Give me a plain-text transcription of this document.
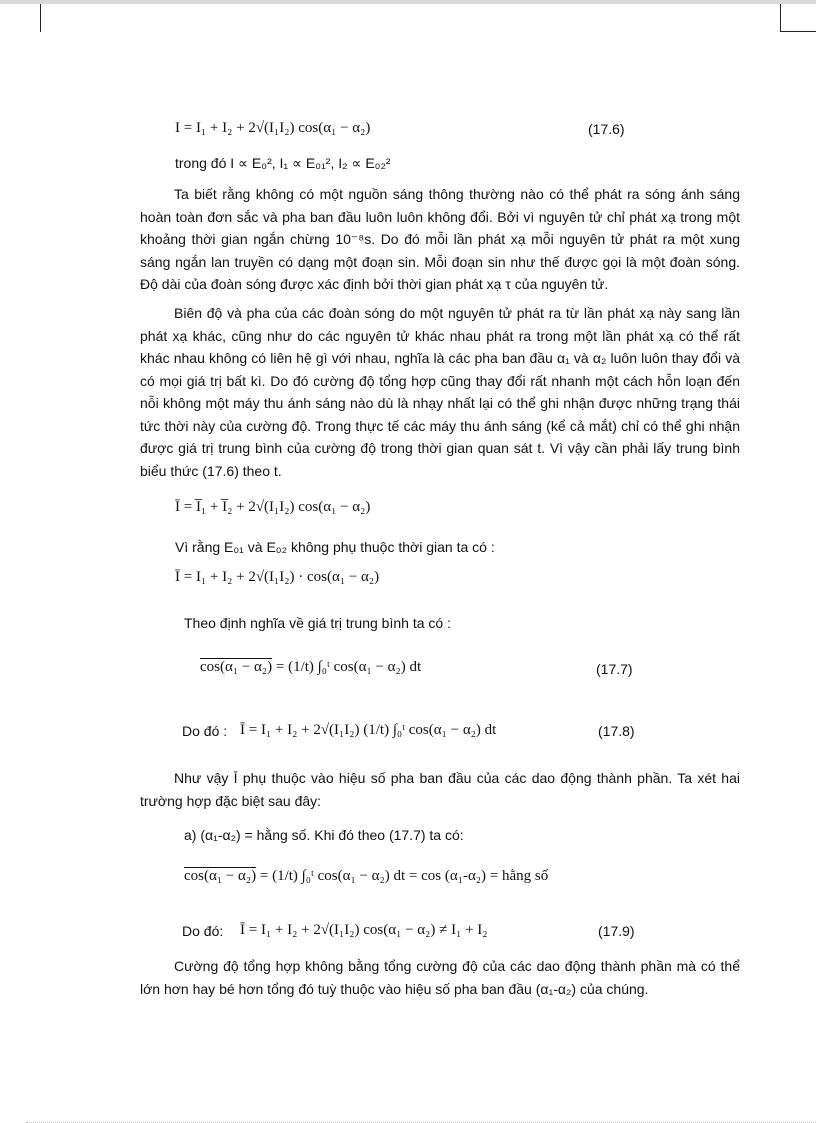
I = I₁ + I₂ + 2√(I₁I₂) cos(α₁ − α₂)	(17.6)
trong đó I ∝ E₀², I₁ ∝ E₀₁², I₂ ∝ E₀₂²
Ta biết rằng không có một nguồn sáng thông thường nào có thể phát ra sóng ánh sáng hoàn toàn đơn sắc và pha ban đầu luôn luôn không đổi. Bởi vì nguyên tử chỉ phát xạ trong một khoảng thời gian ngắn chừng 10⁻⁸s. Do đó mỗi lần phát xạ mỗi nguyên tử phát ra một xung sáng ngắn lan truyền có dạng một đoạn sin. Mỗi đoạn sin như thế được gọi là một đoàn sóng. Độ dài của đoàn sóng được xác định bởi thời gian phát xạ τ của nguyên tử.
Biên độ và pha của các đoàn sóng do một nguyên tử phát ra từ lần phát xạ này sang lần phát xạ khác, cũng như do các nguyên tử khác nhau phát ra trong một lần phát xạ có thể rất khác nhau không có liên hệ gì với nhau, nghĩa là các pha ban đầu α₁ và α₂ luôn luôn thay đổi và có mọi giá trị bất kì. Do đó cường độ tổng hợp cũng thay đổi rất nhanh một cách hỗn loạn đến nỗi không một máy thu ánh sáng nào dù là nhạy nhất lại có thể ghi nhận được những trạng thái tức thời này của cường độ. Trong thực tế các máy thu ánh sáng (kể cả mắt) chỉ có thể ghi nhận được giá trị trung bình của cường độ trong thời gian quan sát t. Vì vậy cần phải lấy trung bình biểu thức (17.6) theo t.
Ī = I̅₁ + I̅₂ + 2√(I₁I₂) cos(α₁ − α₂)
Vì rằng E₀₁ và E₀₂ không phụ thuộc thời gian ta có :
Ī = I₁ + I₂ + 2√(I₁I₂) · cos(α₁ − α₂)
Theo định nghĩa về giá trị trung bình ta có :
cos(α₁ − α₂) = (1/t) ∫₀ᵗ cos(α₁ − α₂) dt	(17.7)
Do đó : Ī = I₁ + I₂ + 2√(I₁I₂) (1/t) ∫₀ᵗ cos(α₁ − α₂) dt	(17.8)
Như vậy Ī phụ thuộc vào hiệu số pha ban đầu của các dao động thành phần. Ta xét hai trường hợp đặc biệt sau đây:
a) (α₁-α₂) = hằng số. Khi đó theo (17.7) ta có:
cos(α₁ − α₂) = (1/t) ∫₀ᵗ cos(α₁ − α₂) dt = cos (α₁-α₂) = hằng số
Do đó: Ī = I₁ + I₂ + 2√(I₁I₂) cos(α₁ − α₂) ≠ I₁ + I₂	(17.9)
Cường độ tổng hợp không bằng tổng cường độ của các dao động thành phần mà có thể lớn hơn hay bé hơn tổng đó tuỳ thuộc vào hiệu số pha ban đầu (α₁-α₂) của chúng.
